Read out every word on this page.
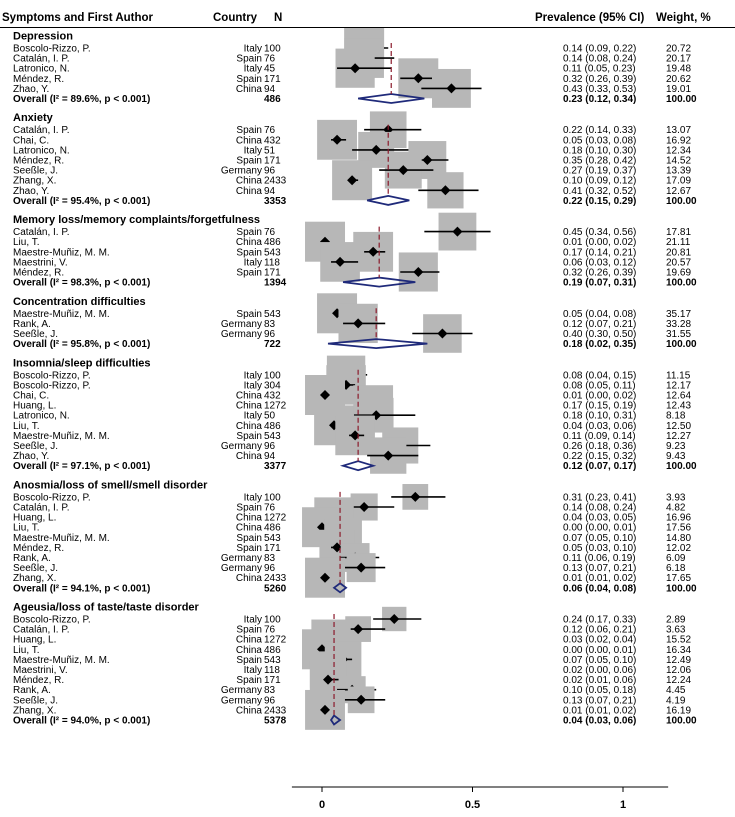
Symptoms and First Author	Country N	Prevalence (95% CI) Weight, %
Depression
Boscolo-Rizzo, P.	Italy 100	0.14 (0.09, 0.22)	20.72
Catalán, I. P.	Spain 76	0.14 (0.08, 0.24)	20.17
Latronico, N.	Italy 45	0.11 (0.05, 0.23)	19.48
Méndez, R.	Spain 171	0.32 (0.26, 0.39)	20.62
Zhao, Y.	China 94	0.43 (0.33, 0.53)	19.01
Overall (I² = 89.6%, p < 0.001)	486	0.23 (0.12, 0.34)	100.00
Anxiety
Catalán, I. P.	Spain 76	0.22 (0.14, 0.33)	13.07
Chai, C.	China 432	0.05 (0.03, 0.08)	16.92
Latronico, N.	Italy 51	0.18 (0.10, 0.30)	12.34
Méndez, R.	Spain 171	0.35 (0.28, 0.42)	14.52
Seeßle, J.	Germany 96	0.27 (0.19, 0.37)	13.39
Zhang, X.	China 2433	0.10 (0.09, 0.12)	17.09
Zhao, Y.	China 94	0.41 (0.32, 0.52)	12.67
Overall (I² = 95.4%, p < 0.001)	3353	0.22 (0.15, 0.29)	100.00
Memory loss/memory complaints/forgetfulness
Catalán, I. P.	Spain 76	0.45 (0.34, 0.56)	17.81
Liu, T.	China 486	0.01 (0.00, 0.02)	21.11
Maestre-Muñiz, M. M.	Spain 543	0.17 (0.14, 0.21)	20.81
Maestrini, V.	Italy 118	0.06 (0.03, 0.12)	20.57
Méndez, R.	Spain 171	0.32 (0.26, 0.39)	19.69
Overall (I² = 98.3%, p < 0.001)	1394	0.19 (0.07, 0.31)	100.00
Concentration difficulties
Maestre-Muñiz, M. M.	Spain 543	0.05 (0.04, 0.08)	35.17
Rank, A.	Germany 83	0.12 (0.07, 0.21)	33.28
Seeßle, J.	Germany 96	0.40 (0.30, 0.50)	31.55
Overall (I² = 95.8%, p < 0.001)	722	0.18 (0.02, 0.35)	100.00
Insomnia/sleep difficulties
Boscolo-Rizzo, P.	Italy 100	0.08 (0.04, 0.15)	11.15
Boscolo-Rizzo, P.	Italy 304	0.08 (0.05, 0.11)	12.17
Chai, C.	China 432	0.01 (0.00, 0.02)	12.64
Huang, L.	China 1272	0.17 (0.15, 0.19)	12.43
Latronico, N.	Italy 50	0.18 (0.10, 0.31)	8.18
Liu, T.	China 486	0.04 (0.03, 0.06)	12.50
Maestre-Muñiz, M. M.	Spain 543	0.11 (0.09, 0.14)	12.27
Seeßle, J.	Germany 96	0.26 (0.18, 0.36)	9.23
Zhao, Y.	China 94	0.22 (0.15, 0.32)	9.43
Overall (I² = 97.1%, p < 0.001)	3377	0.12 (0.07, 0.17)	100.00
Anosmia/loss of smell/smell disorder
Boscolo-Rizzo, P.	Italy 100	0.31 (0.23, 0.41)	3.93
Catalán, I. P.	Spain 76	0.14 (0.08, 0.24)	4.82
Huang, L.	China 1272	0.04 (0.03, 0.05)	16.96
Liu, T.	China 486	0.00 (0.00, 0.01)	17.56
Maestre-Muñiz, M. M.	Spain 543	0.07 (0.05, 0.10)	14.80
Méndez, R.	Spain 171	0.05 (0.03, 0.10)	12.02
Rank, A.	Germany 83	0.11 (0.06, 0.19)	6.09
Seeßle, J.	Germany 96	0.13 (0.07, 0.21)	6.18
Zhang, X.	China 2433	0.01 (0.01, 0.02)	17.65
Overall (I² = 94.1%, p < 0.001)	5260	0.06 (0.04, 0.08)	100.00
Ageusia/loss of taste/taste disorder
Boscolo-Rizzo, P.	Italy 100	0.24 (0.17, 0.33)	2.89
Catalán, I. P.	Spain 76	0.12 (0.06, 0.21)	3.63
Huang, L.	China 1272	0.03 (0.02, 0.04)	15.52
Liu, T.	China 486	0.00 (0.00, 0.01)	16.34
Maestre-Muñiz, M. M.	Spain 543	0.07 (0.05, 0.10)	12.49
Maestrini, V.	Italy 118	0.02 (0.00, 0.06)	12.06
Méndez, R.	Spain 171	0.02 (0.01, 0.06)	12.24
Rank, A.	Germany 83	0.10 (0.05, 0.18)	4.45
Seeßle, J.	Germany 96	0.13 (0.07, 0.21)	4.19
Zhang, X.	China 2433	0.01 (0.01, 0.02)	16.19
Overall (I² = 94.0%, p < 0.001)	5378	0.04 (0.03, 0.06)	100.00
0	0.5	1
